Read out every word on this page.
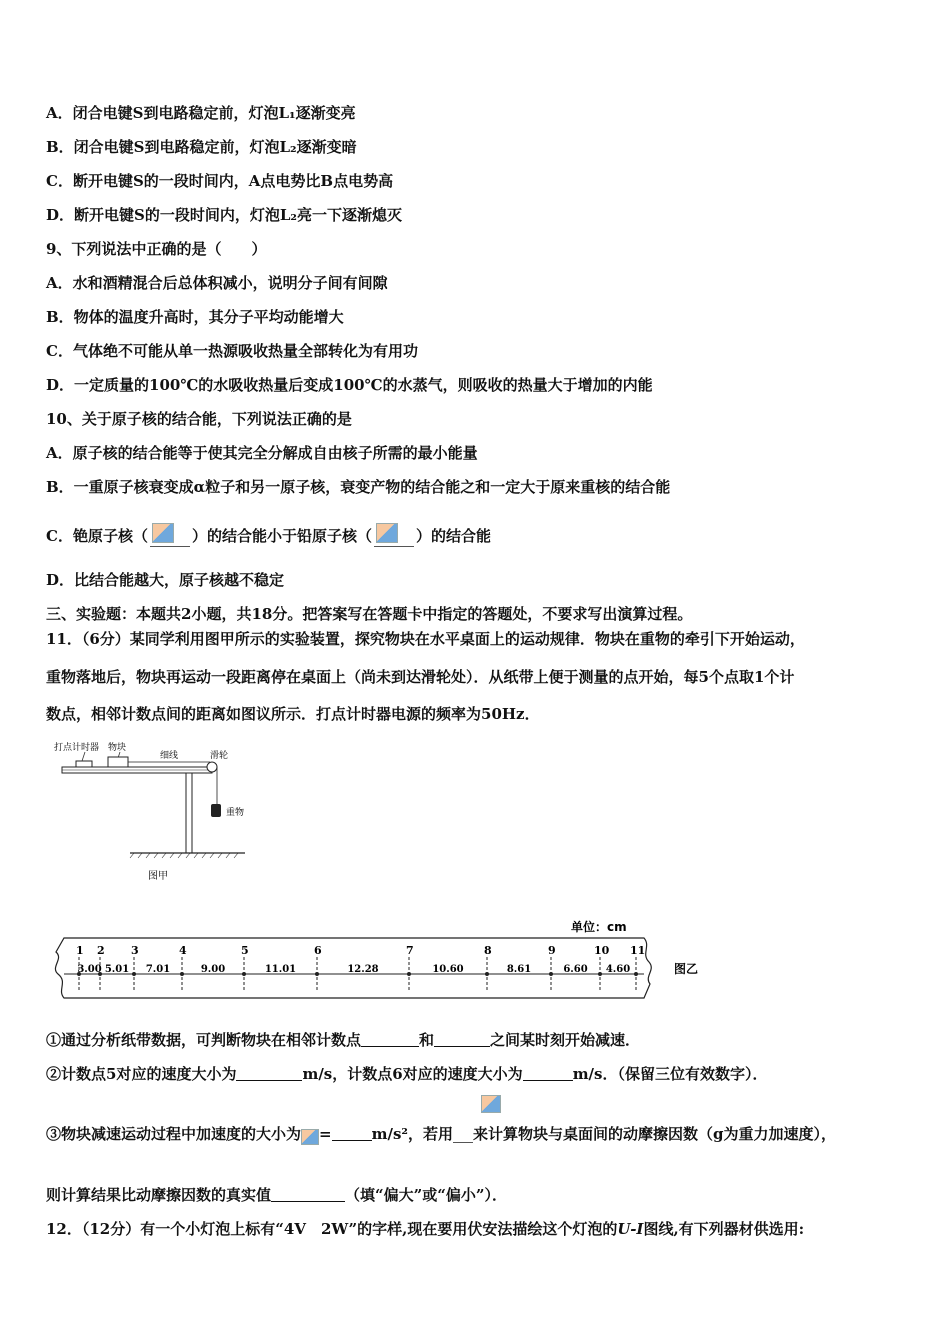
A．闭合电键S到电路稳定前，灯泡L₁逐渐变亮
B．闭合电键S到电路稳定前，灯泡L₂逐渐变暗
C．断开电键S的一段时间内，A点电势比B点电势高
D．断开电键S的一段时间内，灯泡L₂亮一下逐渐熄灭
9、下列说法中正确的是（　　）
A．水和酒精混合后总体积减小，说明分子间有间隙
B．物体的温度升高时，其分子平均动能增大
C．气体绝不可能从单一热源吸收热量全部转化为有用功
D．一定质量的100℃的水吸收热量后变成100℃的水蒸气，则吸收的热量大于增加的内能
10、关于原子核的结合能，下列说法正确的是
A．原子核的结合能等于使其完全分解成自由核子所需的最小能量
B．一重原子核衰变成α粒子和另一原子核，衰变产物的结合能之和一定大于原来重核的结合能
C．铯原子核（	）的结合能小于铅原子核（	）的结合能
D．比结合能越大，原子核越不稳定
三、实验题：本题共2小题，共18分。把答案写在答题卡中指定的答题处，不要求写出演算过程。
11．（6分）某同学利用图甲所示的实验装置，探究物块在水平桌面上的运动规律．物块在重物的牵引下开始运动，
重物落地后，物块再运动一段距离停在桌面上（尚未到达滑轮处）．从纸带上便于测量的点开始，每5个点取1个计
数点，相邻计数点间的距离如图议所示．打点计时器电源的频率为50Hz．
打点计时器 物块
细线	滑轮
重物
图甲
单位：cm
图乙
1 2 3	4	5	6	7	8	9	10 11
3.00 5.01 7.01	9.00	11.01	12.28	10.60	8.61	6.60 4.60
①通过分析纸带数据，可判断物块在相邻计数点	和	之间某时刻开始减速．
②计数点5对应的速度大小为	m/s，计数点6对应的速度大小为	m/s．（保留三位有效数字）．
③物块减速运动过程中加速度的大小为 =	m/s²，若用 来计算物块与桌面间的动摩擦因数（g为重力加速度），
则计算结果比动摩擦因数的真实值	（填“偏大”或“偏小”）．
12．（12分）有一个小灯泡上标有“4V　2W”的字样,现在要用伏安法描绘这个灯泡的U-I图线,有下列器材供选用:
